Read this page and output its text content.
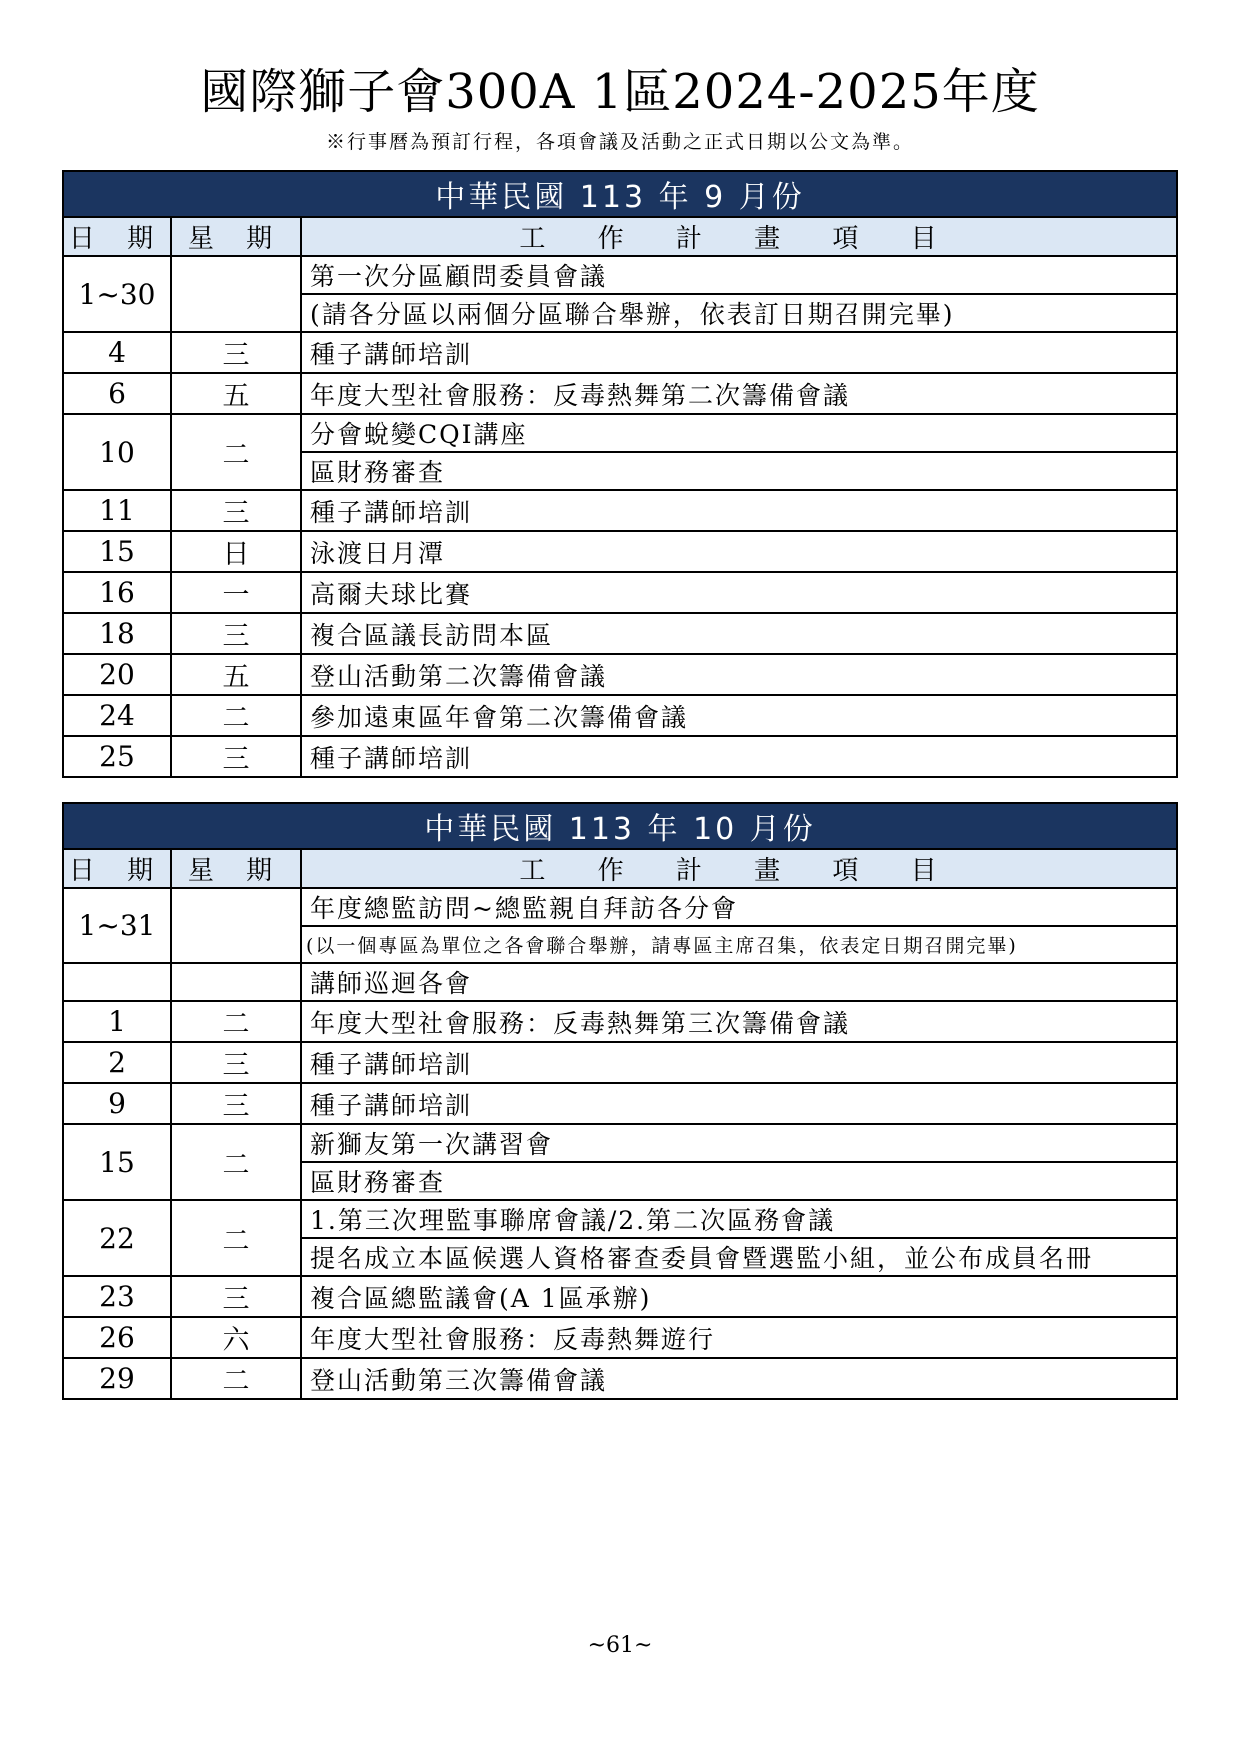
國際獅子會300A 1區2024-2025年度
※行事曆為預訂行程，各項會議及活動之正式日期以公文為準。
中華民國 113 年 9 月份		
日 期	星 期	工 作 計 畫 項 目
1~30		第一次分區顧問委員會議
		(請各分區以兩個分區聯合舉辦，依表訂日期召開完畢)
4	三	種子講師培訓
6	五	年度大型社會服務：反毒熱舞第二次籌備會議
10	二	分會蛻變CQI講座
		區財務審查
11	三	種子講師培訓
15	日	泳渡日月潭
16	一	高爾夫球比賽
18	三	複合區議長訪問本區
20	五	登山活動第二次籌備會議
24	二	參加遠東區年會第二次籌備會議
25	三	種子講師培訓
中華民國 113 年 10 月份		
日 期	星 期	工 作 計 畫 項 目
1~31		年度總監訪問~總監親自拜訪各分會
		(以一個專區為單位之各會聯合舉辦，請專區主席召集，依表定日期召開完畢)
		講師巡迴各會
1	二	年度大型社會服務：反毒熱舞第三次籌備會議
2	三	種子講師培訓
9	三	種子講師培訓
15	二	新獅友第一次講習會
		區財務審查
22	二	1.第三次理監事聯席會議/2.第二次區務會議
		提名成立本區候選人資格審查委員會暨選監小組，並公布成員名冊
23	三	複合區總監議會(A 1區承辦)
26	六	年度大型社會服務：反毒熱舞遊行
29	二	登山活動第三次籌備會議
~61~
